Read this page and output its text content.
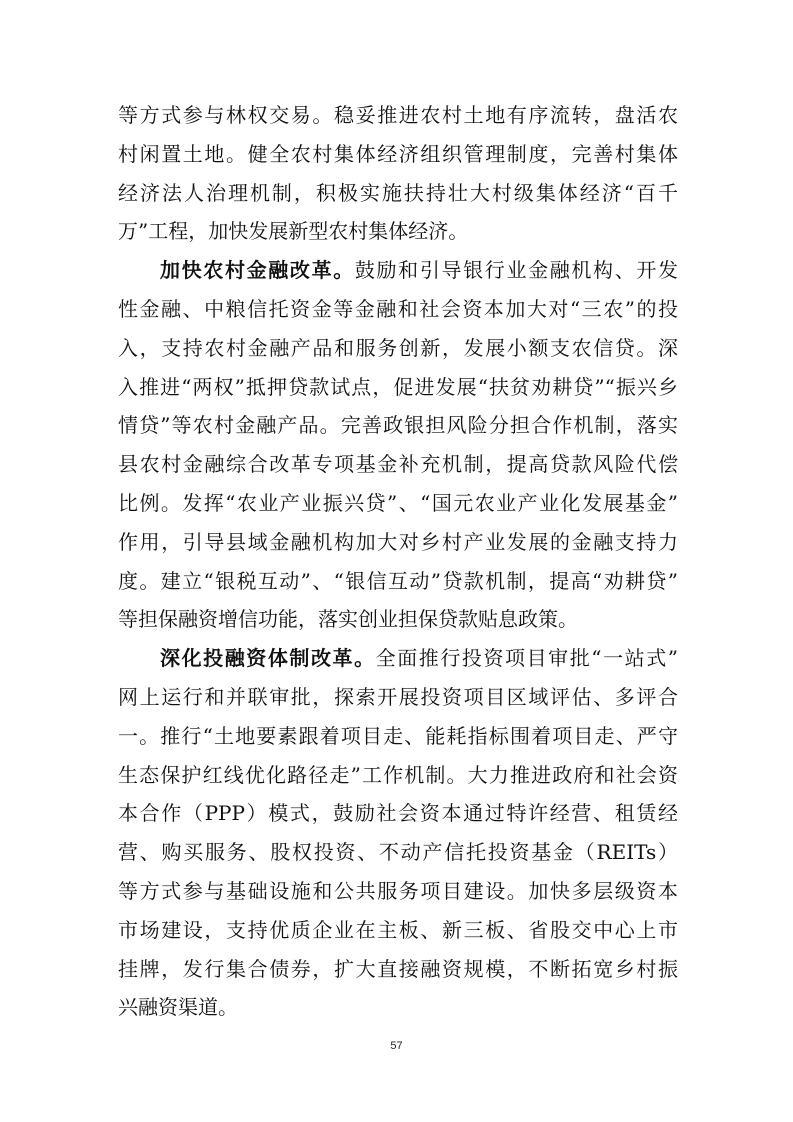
等方式参与林权交易。稳妥推进农村土地有序流转，盘活农
村闲置土地。健全农村集体经济组织管理制度，完善村集体
经济法人治理机制，积极实施扶持壮大村级集体经济“百千
万”工程，加快发展新型农村集体经济。
加快农村金融改革。鼓励和引导银行业金融机构、开发
性金融、中粮信托资金等金融和社会资本加大对“三农”的投
入，支持农村金融产品和服务创新，发展小额支农信贷。深
入推进“两权”抵押贷款试点，促进发展“扶贫劝耕贷”“振兴乡
情贷”等农村金融产品。完善政银担风险分担合作机制，落实
县农村金融综合改革专项基金补充机制，提高贷款风险代偿
比例。发挥“农业产业振兴贷”、“国元农业产业化发展基金”
作用，引导县域金融机构加大对乡村产业发展的金融支持力
度。建立“银税互动”、“银信互动”贷款机制，提高“劝耕贷”
等担保融资增信功能，落实创业担保贷款贴息政策。
深化投融资体制改革。全面推行投资项目审批“一站式”
网上运行和并联审批，探索开展投资项目区域评估、多评合
一。推行“土地要素跟着项目走、能耗指标围着项目走、严守
生态保护红线优化路径走”工作机制。大力推进政府和社会资
本合作（PPP）模式，鼓励社会资本通过特许经营、租赁经
营、购买服务、股权投资、不动产信托投资基金（REITs）
等方式参与基础设施和公共服务项目建设。加快多层级资本
市场建设，支持优质企业在主板、新三板、省股交中心上市
挂牌，发行集合债券，扩大直接融资规模，不断拓宽乡村振
兴融资渠道。
57
